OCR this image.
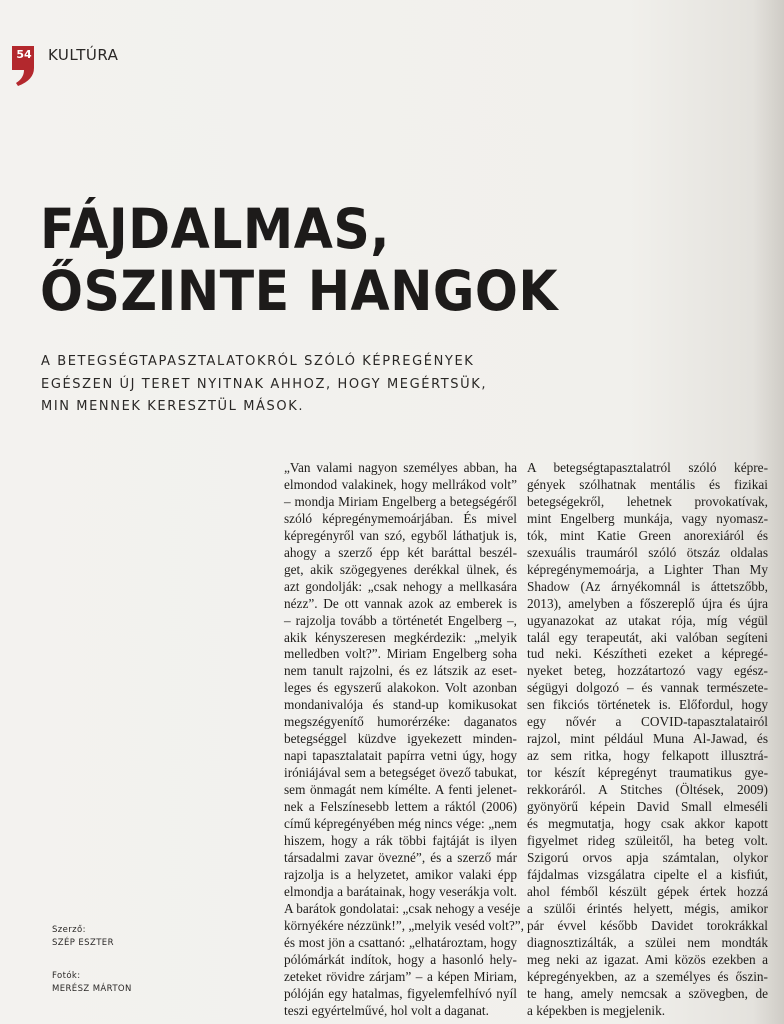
54 KULTÚRA
FÁJDALMAS,
ŐSZINTE HANGOK
A BETEGSÉGTAPASZTALATOKRÓL SZÓLÓ KÉPREGÉNYEK
EGÉSZEN ÚJ TERET NYITNAK AHHOZ, HOGY MEGÉRTSÜK,
MIN MENNEK KERESZTÜL MÁSOK.
Szerző:
SZÉP ESZTER
Fotók:
MERÉSZ MÁRTON
„Van valami nagyon személyes abban, ha
elmondod valakinek, hogy mellrákod volt”
– mondja Miriam Engelberg a betegségéről
szóló képregénymemoárjában. És mivel
képregényről van szó, egyből láthatjuk is,
ahogy a szerző épp két baráttal beszél-
get, akik szögegyenes derékkal ülnek, és
azt gondolják: „csak nehogy a mellkasára
nézz”. De ott vannak azok az emberek is
– rajzolja tovább a történetét Engelberg –,
akik kényszeresen megkérdezik: „melyik
melledben volt?”. Miriam Engelberg soha
nem tanult rajzolni, és ez látszik az eset-
leges és egyszerű alakokon. Volt azonban
mondanivalója és stand-up komikusokat
megszégyenítő humorérzéke: daganatos
betegséggel küzdve igyekezett minden-
napi tapasztalatait papírra vetni úgy, hogy
iróniájával sem a betegséget övező tabukat,
sem önmagát nem kímélte. A fenti jelenet-
nek a Felszínesebb lettem a ráktól (2006)
című képregényében még nincs vége: „nem
hiszem, hogy a rák többi fajtáját is ilyen
társadalmi zavar övezné”, és a szerző már
rajzolja is a helyzetet, amikor valaki épp
elmondja a barátainak, hogy veserákja volt.
A barátok gondolatai: „csak nehogy a veséje
környékére nézzünk!”, „melyik veséd volt?”,
és most jön a csattanó: „elhatároztam, hogy
pólómárkát indítok, hogy a hasonló hely-
zeteket rövidre zárjam” – a képen Miriam,
pólóján egy hatalmas, figyelemfelhívó nyíl
teszi egyértelművé, hol volt a daganat.
A betegségtapasztalatról szóló képre-
gények szólhatnak mentális és fizikai
betegségekről, lehetnek provokatívak,
mint Engelberg munkája, vagy nyomasz-
tók, mint Katie Green anorexiáról és
szexuális traumáról szóló ötszáz oldalas
képregénymemoárja, a Lighter Than My
Shadow (Az árnyékomnál is áttetszőbb,
2013), amelyben a főszereplő újra és újra
ugyanazokat az utakat rója, míg végül
talál egy terapeutát, aki valóban segíteni
tud neki. Készítheti ezeket a képregé-
nyeket beteg, hozzátartozó vagy egész-
ségügyi dolgozó – és vannak természete-
sen fikciós történetek is. Előfordul, hogy
egy nővér a COVID-tapasztalatairól
rajzol, mint például Muna Al-Jawad, és
az sem ritka, hogy felkapott illusztrá-
tor készít képregényt traumatikus gye-
rekkoráról. A Stitches (Öltések, 2009)
gyönyörű képein David Small elmeséli
és megmutatja, hogy csak akkor kapott
figyelmet rideg szüleitől, ha beteg volt.
Szigorú orvos apja számtalan, olykor
fájdalmas vizsgálatra cipelte el a kisfiút,
ahol fémből készült gépek értek hozzá
a szülői érintés helyett, mégis, amikor
pár évvel később Davidet torokrákkal
diagnosztizálták, a szülei nem mondták
meg neki az igazat. Ami közös ezekben a
képregényekben, az a személyes és őszin-
te hang, amely nemcsak a szövegben, de
a képekben is megjelenik.
